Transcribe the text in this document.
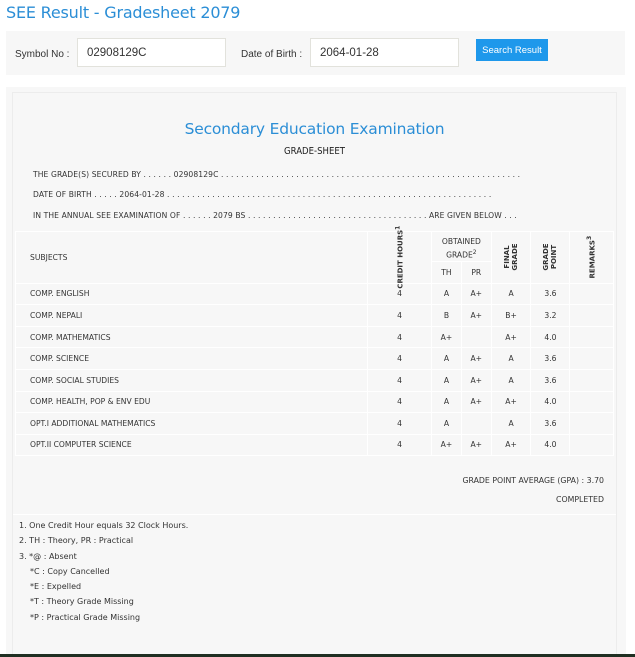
SEE Result - Gradesheet 2079
Symbol No :
02908129C	Date of Birth :
2064-01-28	Search Result
Secondary Education Examination
GRADE-SHEET
THE GRADE(S) SECURED BY . . . . . . 02908129C . . . . . . . . . . . . . . . . . . . . . . . . . . . . . . . . . . . . . . . . . . . . . . . . . . . . . . . . . . . .
DATE OF BIRTH . . . . . 2064-01-28 . . . . . . . . . . . . . . . . . . . . . . . . . . . . . . . . . . . . . . . . . . . . . . . . . . . . . . . . . . . . . . . . .
IN THE ANNUAL SEE EXAMINATION OF . . . . . . 2079 BS . . . . . . . . . . . . . . . . . . . . . . . . . . . . . . . . . . . . ARE GIVEN BELOW . . .
SUBJECTS	CREDIT HOURS$^1$	OBTAINED GRADE$^2$		FINAL GRADE	GRADE POINT	REMARKS$^3$
		TH	PR			
COMP. ENGLISH	4	A	A+	A	3.6	
COMP. NEPALI	4	B	A+	B+	3.2	
COMP. MATHEMATICS	4	A+		A+	4.0	
COMP. SCIENCE	4	A	A+	A	3.6	
COMP. SOCIAL STUDIES	4	A	A+	A	3.6	
COMP. HEALTH, POP & ENV EDU	4	A	A+	A+	4.0	
OPT.I ADDITIONAL MATHEMATICS	4	A		A	3.6	
OPT.II COMPUTER SCIENCE	4	A+	A+	A+	4.0	
GRADE POINT AVERAGE (GPA) : 3.70
COMPLETED
1. One Credit Hour equals 32 Clock Hours.
2. TH : Theory, PR : Practical
3. *@ : Absent
*C : Copy Cancelled
*E : Expelled
*T : Theory Grade Missing
*P : Practical Grade Missing
